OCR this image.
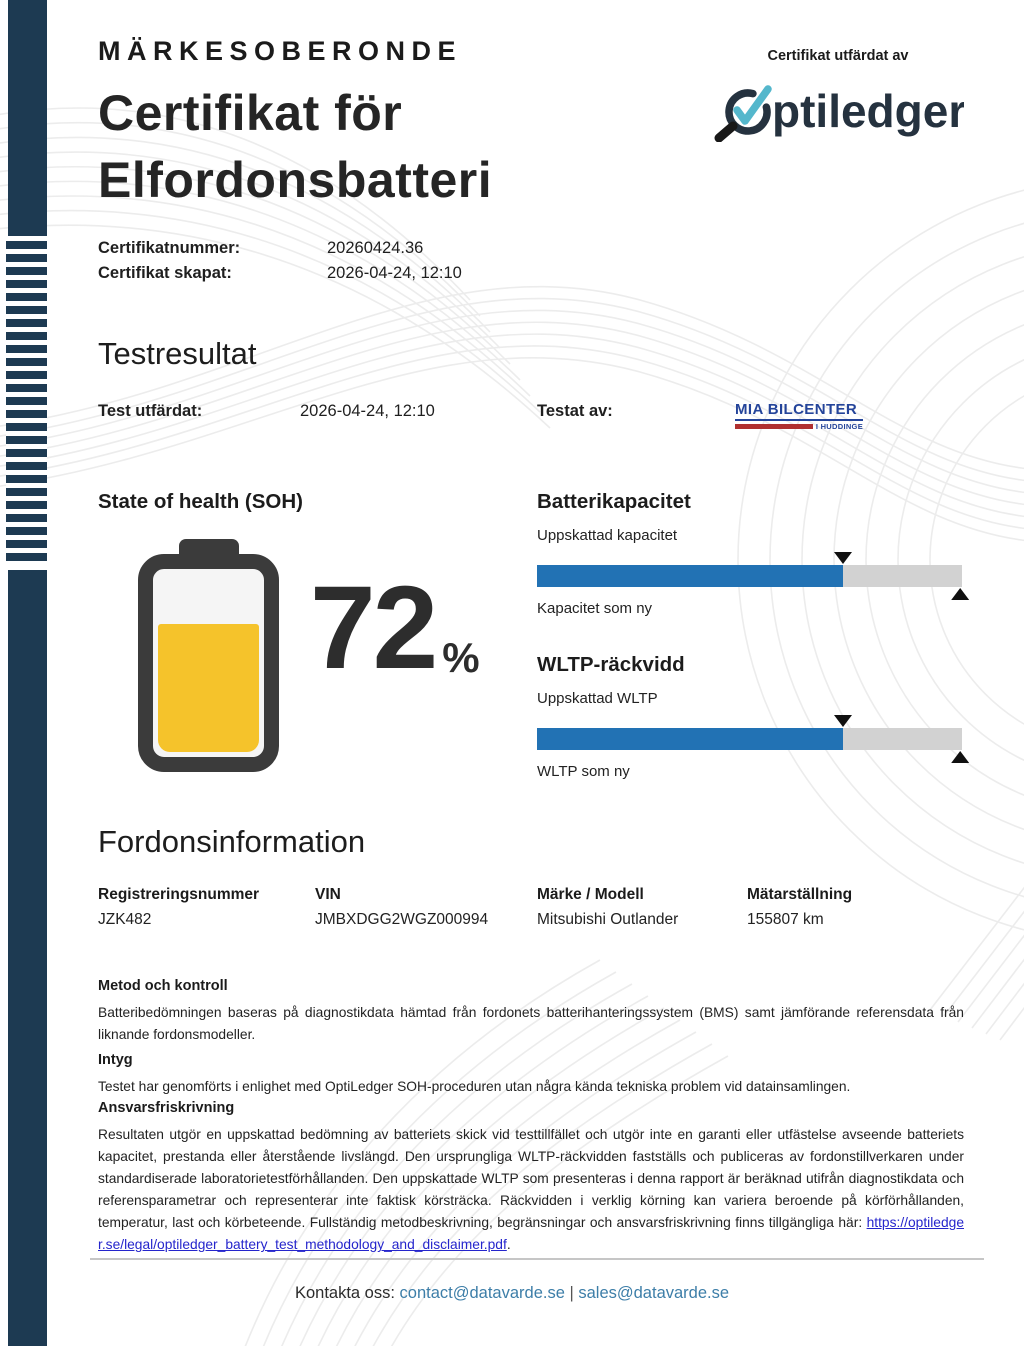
MÄRKESOBERONDE
Certifikat för
Elfordonsbatteri
Certifikat utfärdat av
ptiledger
Certifikatnummer:	20260424.36
Certifikat skapat:	2026-04-24, 12:10
Testresultat
Test utfärdat:	2026-04-24, 12:10	Testat av:	MIA BILCENTER
I HUDDINGE
State of health (SOH)
72 %
Batterikapacitet
Uppskattad kapacitet
Kapacitet som ny
WLTP-räckvidd
Uppskattad WLTP
WLTP som ny
Fordonsinformation
Registreringsnummer	VIN	Märke / Modell	Mätarställning
JZK482	JMBXDGG2WGZ000994	Mitsubishi Outlander	155807 km
Metod och kontroll

Batteribedömningen baseras på diagnostikdata hämtad från fordonets batterihanteringssystem (BMS) samt jämförande referensdata från liknande fordonsmodeller.

Intyg

Testet har genomförts i enlighet med OptiLedger SOH-proceduren utan några kända tekniska problem vid datainsamlingen.

Ansvarsfriskrivning

Resultaten utgör en uppskattad bedömning av batteriets skick vid testtillfället och utgör inte en garanti eller utfästelse avseende batteriets kapacitet, prestanda eller återstående livslängd. Den ursprungliga WLTP-räckvidden fastställs och publiceras av fordonstillverkaren under standardiserade laboratorietestförhållanden. Den uppskattade WLTP som presenteras i denna rapport är beräknad utifrån diagnostikdata och referensparametrar och representerar inte faktisk körsträcka. Räckvidden i verklig körning kan variera beroende på körförhållanden, temperatur, last och körbeteende. Fullständig metodbeskrivning, begränsningar och ansvarsfriskrivning finns tillgängliga här: https://optiledger.se/legal/optiledger_battery_test_methodology_and_disclaimer.pdf.

Kontakta oss: contact@datavarde.se | sales@datavarde.se
